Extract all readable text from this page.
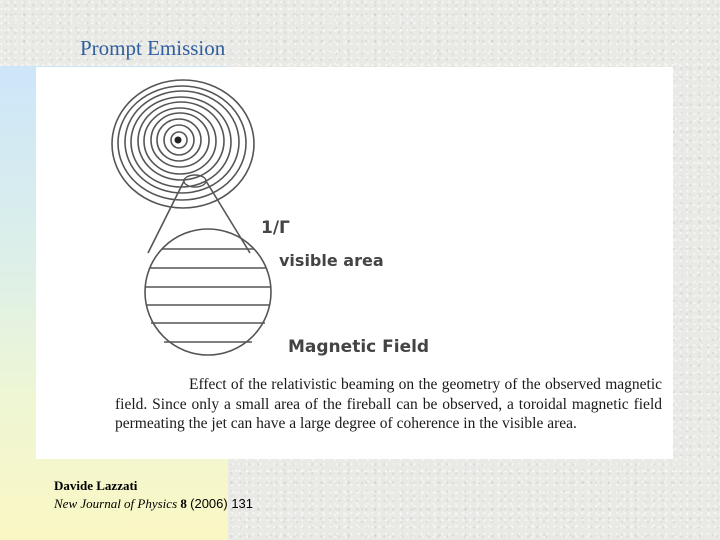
Prompt Emission
1/Γ
visible area
Magnetic Field
Effect of the relativistic beaming on the geometry of the observed magnetic field. Since only a small area of the fireball can be observed, a toroidal magnetic field permeating the jet can have a large degree of coherence in the visible area.
Davide Lazzati
New Journal of Physics 8 (2006) 131
